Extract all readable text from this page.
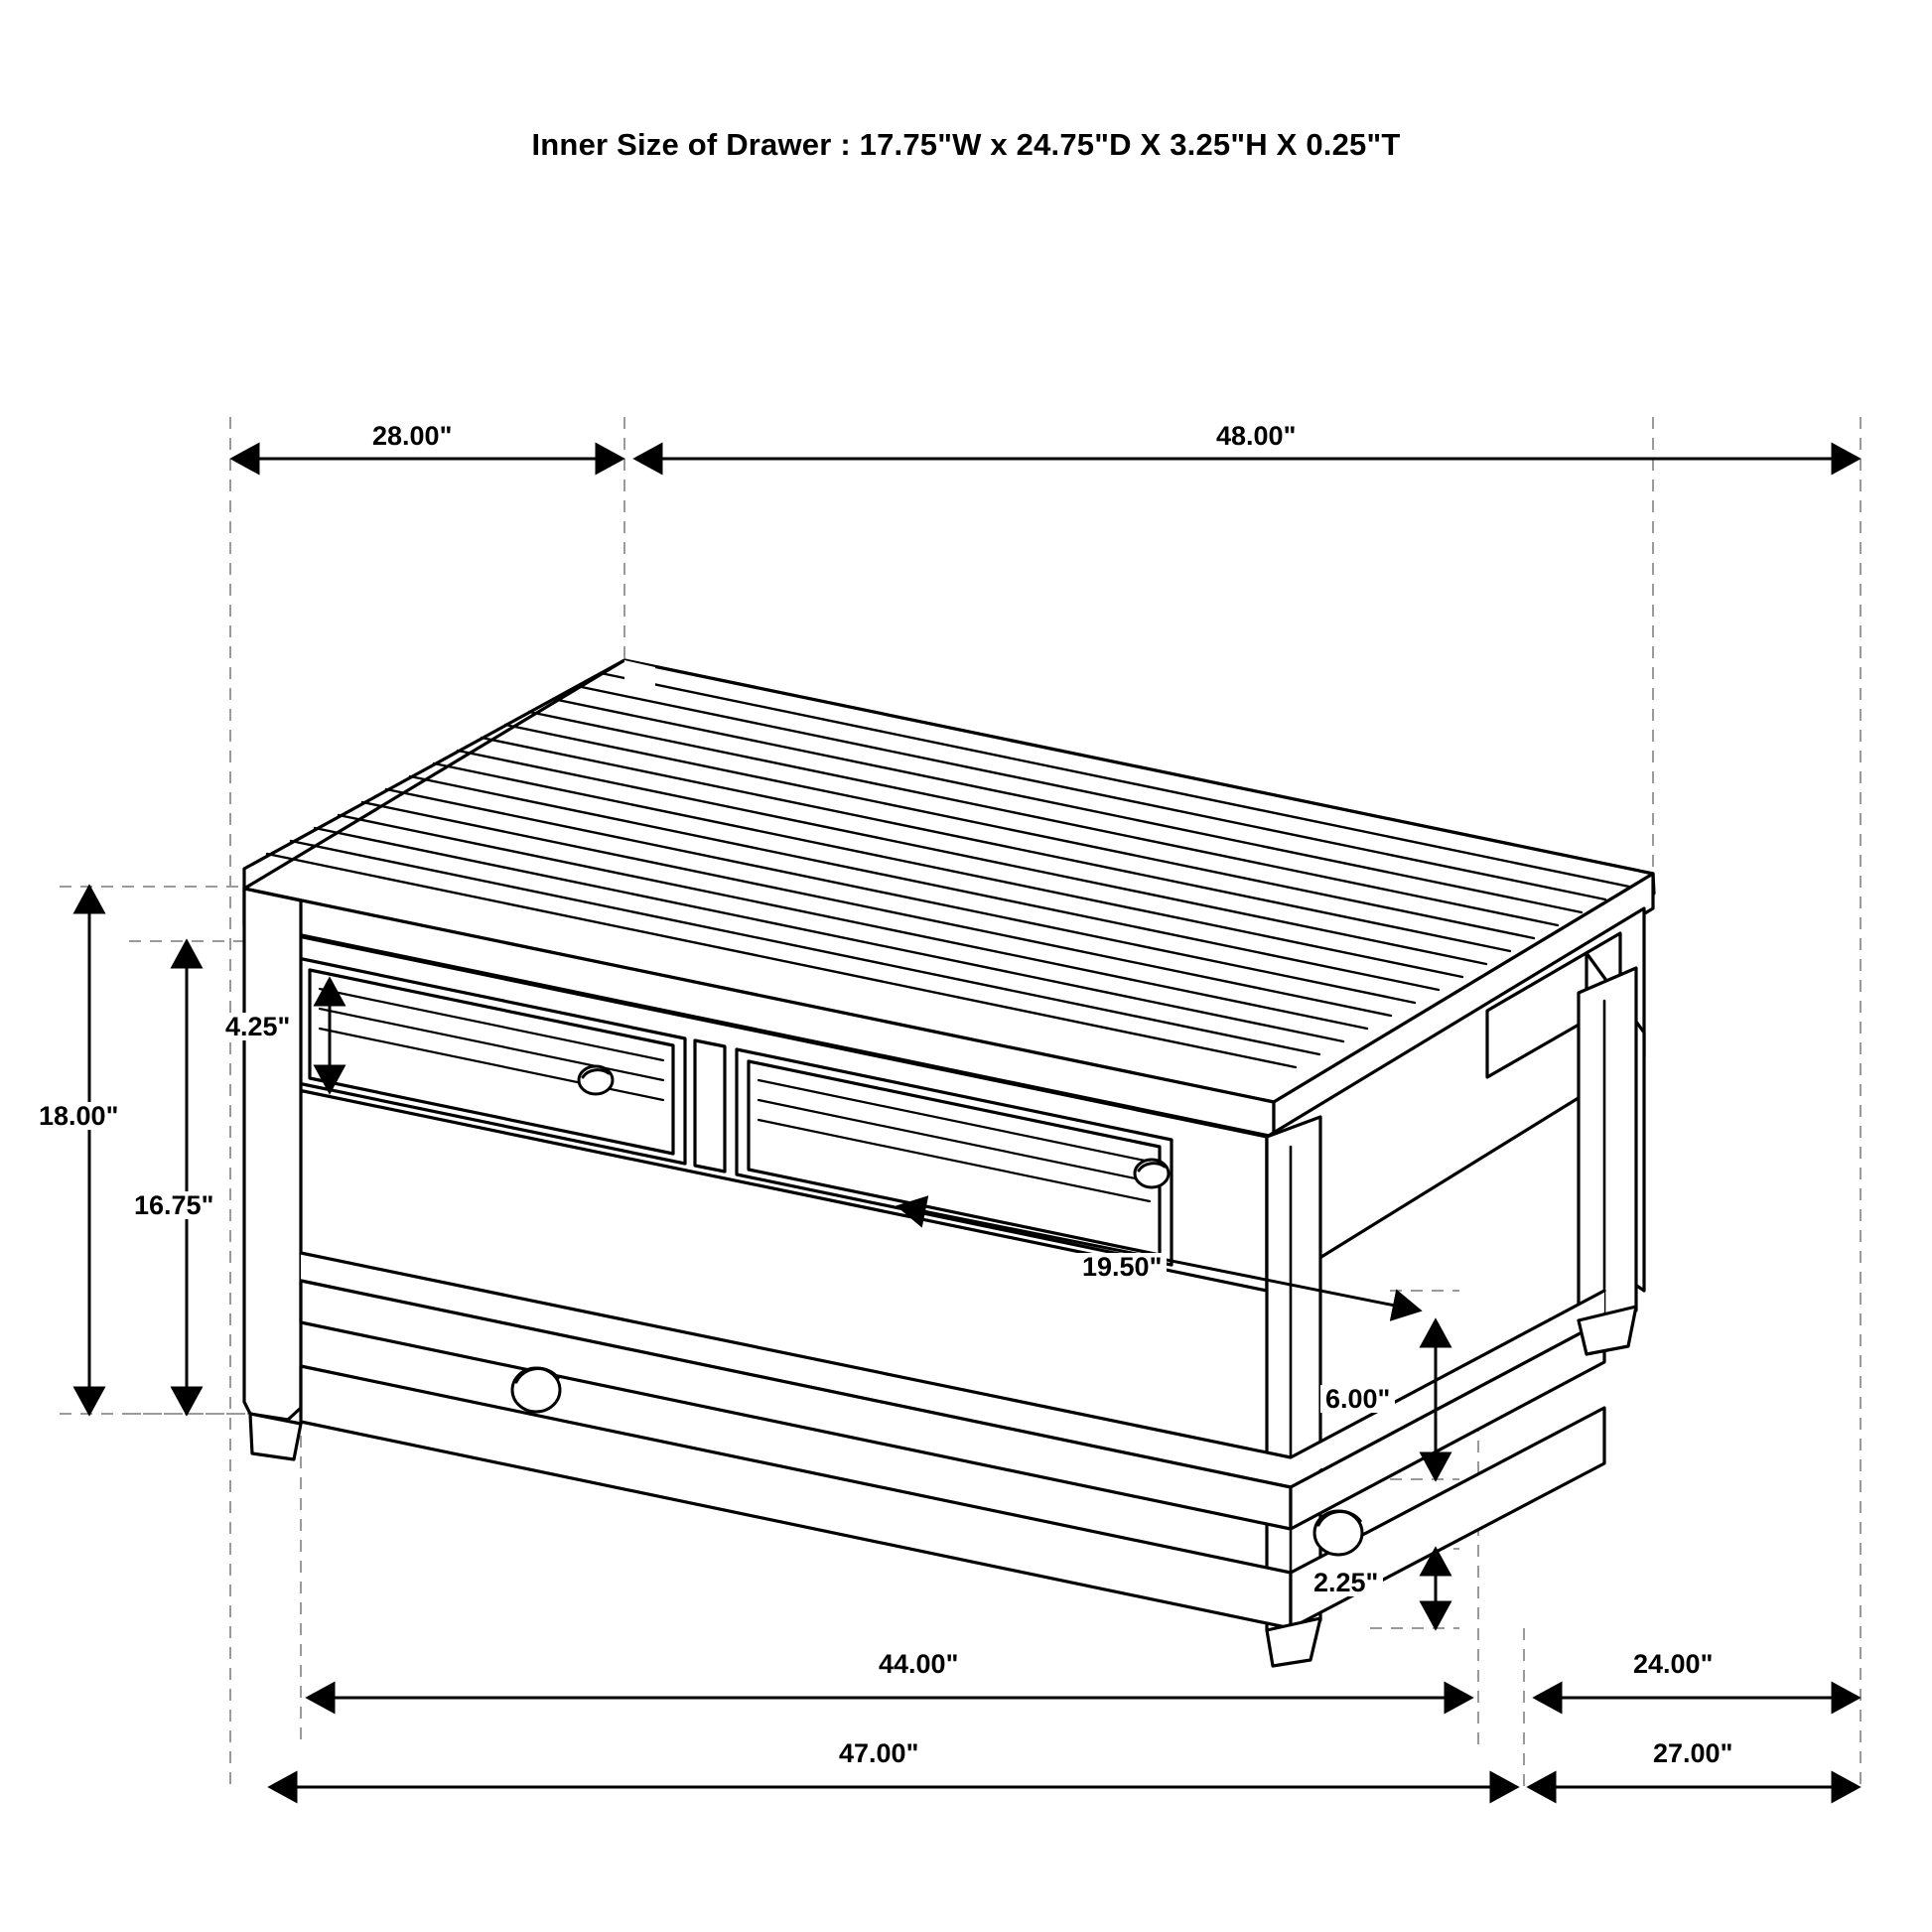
Inner Size of Drawer : 17.75"W x 24.75"D X 3.25"H X 0.25"T
28.00"	48.00"
4.25"
18.00"
16.75"
19.50"
6.00"
2.25"
44.00"	24.00"
47.00"	27.00"
